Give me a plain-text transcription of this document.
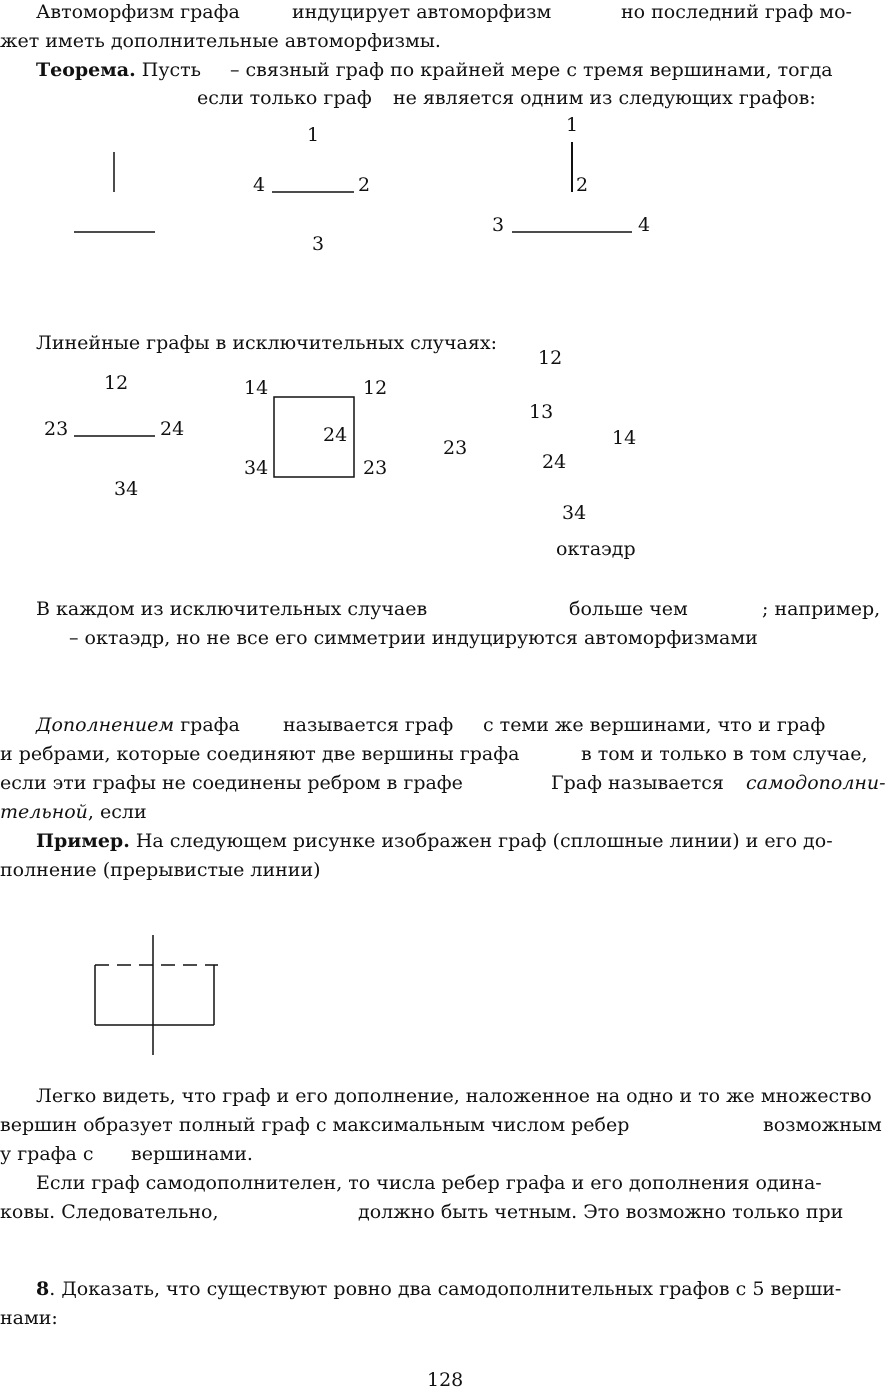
Автоморфизм графа	индуцирует автоморфизм	но последний граф мо-
жет иметь дополнительные автоморфизмы.
Теорема. Пусть – связный граф по крайней мере с тремя вершинами, тогда
если только граф не является одним из следующих графов:
1
4	2
3
1
2
3	4
Линейные графы в исключительных случаях:
12
23	24
34
14	12
24
34	23
12
13
14
23
24
34
октаэдр
В каждом из исключительных случаев	больше чем	; например,
– октаэдр, но не все его симметрии индуцируются автоморфизмами
Дополнением графа называется граф с теми же вершинами, что и граф
и ребрами, которые соединяют две вершины графа	в том и только в том случае,
если эти графы не соединены ребром в графе	Граф называется самодополни-
тельной, если
Пример. На следующем рисунке изображен граф (сплошные линии) и его до-
полнение (прерывистые линии)
Легко видеть, что граф и его дополнение, наложенное на одно и то же множество
вершин образует полный граф с максимальным числом ребер	возможным
у графа с вершинами.
Если граф самодополнителен, то числа ребер графа и его дополнения одина-
ковы. Следовательно,	должно быть четным. Это возможно только при
8. Доказать, что существуют ровно два самодополнительных графов с 5 верши-
нами:
128
